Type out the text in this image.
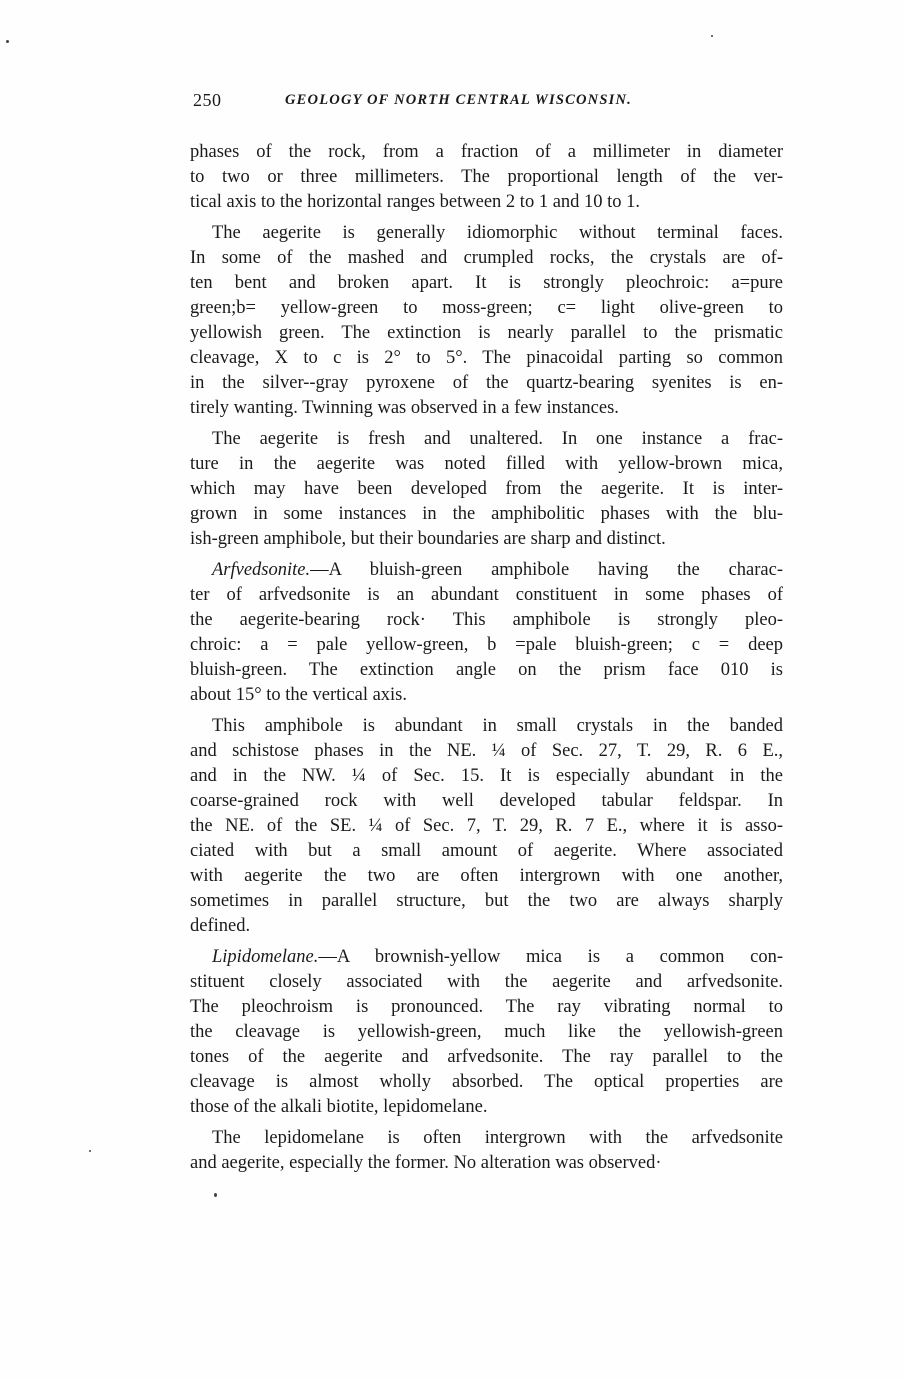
250	GEOLOGY OF NORTH CENTRAL WISCONSIN.

phases of the rock, from a fraction of a millimeter in diameter
to two or three millimeters. The proportional length of the ver-
tical axis to the horizontal ranges between 2 to 1 and 10 to 1.

The aegerite is generally idiomorphic without terminal faces.
In some of the mashed and crumpled rocks, the crystals are of-
ten bent and broken apart. It is strongly pleochroic: a=pure
green;b= yellow-green to moss-green; c= light olive-green to
yellowish green. The extinction is nearly parallel to the prismatic
cleavage, X to c is 2° to 5°. The pinacoidal parting so common
in the silver--gray pyroxene of the quartz-bearing syenites is en-
tirely wanting. Twinning was observed in a few instances.

The aegerite is fresh and unaltered. In one instance a frac-
ture in the aegerite was noted filled with yellow-brown mica,
which may have been developed from the aegerite. It is inter-
grown in some instances in the amphibolitic phases with the blu-
ish-green amphibole, but their boundaries are sharp and distinct.

Arfvedsonite.—A bluish-green amphibole having the charac-
ter of arfvedsonite is an abundant constituent in some phases of
the aegerite-bearing rock· This amphibole is strongly pleo-
chroic: a = pale yellow-green, b =pale bluish-green; c = deep
bluish-green. The extinction angle on the prism face 010 is
about 15° to the vertical axis.

This amphibole is abundant in small crystals in the banded
and schistose phases in the NE. ¼ of Sec. 27, T. 29, R. 6 E.,
and in the NW. ¼ of Sec. 15. It is especially abundant in the
coarse-grained rock with well developed tabular feldspar. In
the NE. of the SE. ¼ of Sec. 7, T. 29, R. 7 E., where it is asso-
ciated with but a small amount of aegerite. Where associated
with aegerite the two are often intergrown with one another,
sometimes in parallel structure, but the two are always sharply
defined.

Lipidomelane.—A brownish-yellow mica is a common con-
stituent closely associated with the aegerite and arfvedsonite.
The pleochroism is pronounced. The ray vibrating normal to
the cleavage is yellowish-green, much like the yellowish-green
tones of the aegerite and arfvedsonite. The ray parallel to the
cleavage is almost wholly absorbed. The optical properties are
those of the alkali biotite, lepidomelane.

The lepidomelane is often intergrown with the arfvedsonite
and aegerite, especially the former. No alteration was observed·
